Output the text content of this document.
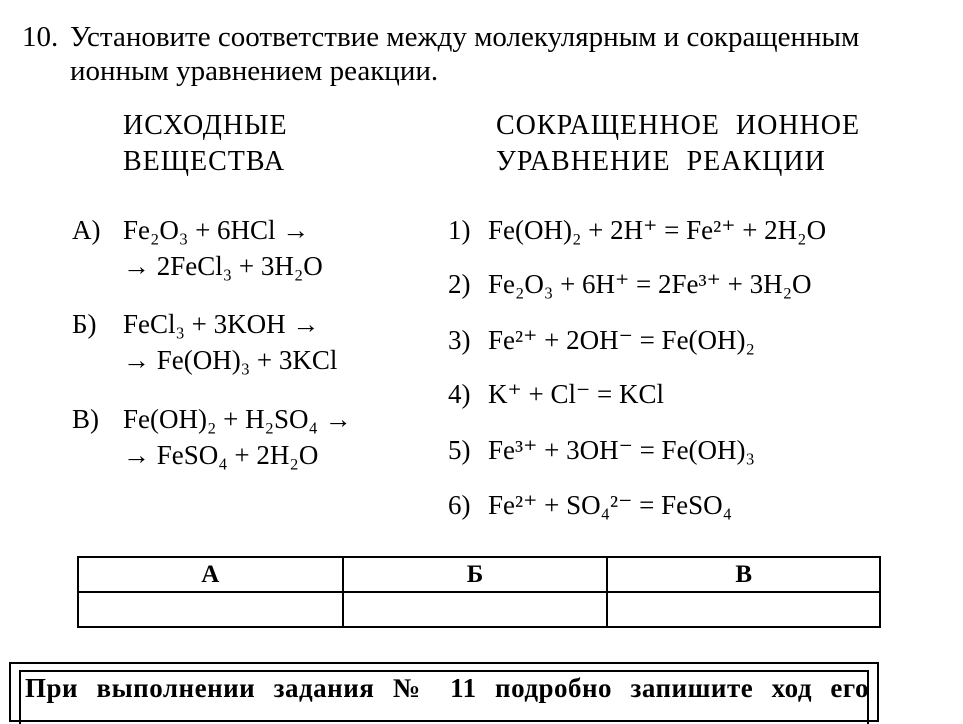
10. Установите соответствие между молекулярным и сокращенным
ионным уравнением реакции.
ИСХОДНЫЕ
ВЕЩЕСТВА
СОКРАЩЕННОЕ  ИОННОЕ
УРАВНЕНИЕ  РЕАКЦИИ
А) Fe₂O₃ + 6HCl →
→ 2FeCl₃ + 3H₂O
Б) FeCl₃ + 3KOH →
→ Fe(OH)₃ + 3KCl
В) Fe(OH)₂ + H₂SO₄ →
→ FeSO₄ + 2H₂O
1) Fe(OH)₂ + 2H⁺ = Fe²⁺ + 2H₂O
2) Fe₂O₃ + 6H⁺ = 2Fe³⁺ + 3H₂O
3) Fe²⁺ + 2OH⁻ = Fe(OH)₂
4) K⁺ + Cl⁻ = KCl
5) Fe³⁺ + 3OH⁻ = Fe(OH)₃
6) Fe²⁺ + SO₄²⁻ = FeSO₄
А	Б	В

При выполнении задания № 11 подробно запишите ход его
